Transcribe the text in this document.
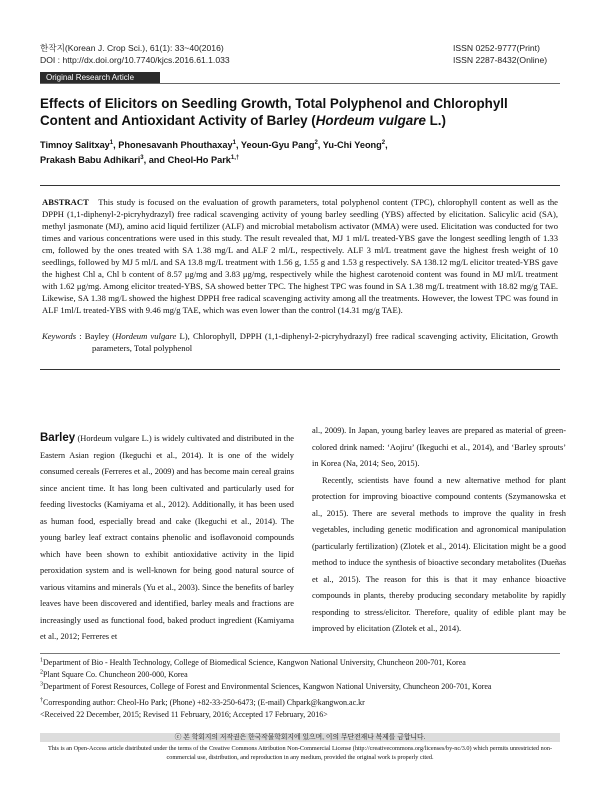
한작지(Korean J. Crop Sci.), 61(1): 33~40(2016)
DOI : http://dx.doi.org/10.7740/kjcs.2016.61.1.033
ISSN 0252-9777(Print)
ISSN 2287-8432(Online)
Original Research Article
Effects of Elicitors on Seedling Growth, Total Polyphenol and Chlorophyll Content and Antioxidant Activity of Barley (Hordeum vulgare L.)
Timnoy Salitxay$^1$, Phonesavanh Phouthaxay$^1$, Yeoun-Gyu Pang$^2$, Yu-Chi Yeong$^2$,
Prakash Babu Adhikari$^3$, and Cheol-Ho Park$^{1,\dagger}$

ABSTRACT This study is focused on the evaluation of growth parameters, total polyphenol content (TPC), chlorophyll content as well as the DPPH (1,1-diphenyl-2-picryhydrazyl) free radical scavenging activity of young barley seedling (YBS) affected by elicitation. Salicylic acid (SA), methyl jasmonate (MJ), amino acid liquid fertilizer (ALF) and microbial metabolism activator (MMA) were used. Elicitation was conducted for two times and various concentrations were used in this study. The result revealed that, MJ 1 ml/L treated-YBS gave the longest seedling length of 1.33 cm, followed by the ones treated with SA 1.38 mg/L and ALF 2 ml/L, respectively. ALF 3 ml/L treatment gave the highest fresh weight of 10 seedlings, followed by MJ 5 ml/L and SA 13.8 mg/L treatment with 1.56 g, 1.55 g and 1.53 g respectively. SA 138.12 mg/L elicitor treated-YBS gave the highest Chl a, Chl b content of 8.57 μg/mg and 3.83 μg/mg, respectively while the highest carotenoid content was found in MJ ml/L treatment with 1.62 μg/mg. Among elicitor treated-YBS, SA showed better TPC. The highest TPC was found in SA 1.38 mg/L treatment with 18.82 mg/g TAE. Likewise, SA 1.38 mg/L showed the highest DPPH free radical scavenging activity among all the treatments. However, the lowest TPC was found in ALF 1ml/L treated-YBS with 9.46 mg/g TAE, which was even lower than the control (14.31 mg/g TAE).

Keywords : Bayley (Hordeum vulgare L), Chlorophyll, DPPH (1,1-diphenyl-2-picryhydrazyl) free radical scavenging activity, Elicitation, Growth parameters, Total polyphenol

Barley (Hordeum vulgare L.) is widely cultivated and distributed in the Eastern Asian region (Ikeguchi et al., 2014). It is one of the widely consumed cereals (Ferreres et al., 2009) and has become main cereal grains since ancient time. It has long been cultivated and particularly used for feeding livestocks (Kamiyama et al., 2012). Additionally, it has been used as human food, especially bread and cake (Ikeguchi et al., 2014). The young barley leaf extract contains phenolic and isoflavonoid compounds which have been shown to exhibit antioxidative activity in the lipid peroxidation system and is well-known for being good natural source of various vitamins and minerals (Yu et al., 2003). Since the benefits of barley leaves have been discovered and identified, barley meals and fractions are increasingly used as functional food, baked product ingredient (Kamiyama et al., 2012; Ferreres et

al., 2009). In Japan, young barley leaves are prepared as material of green-colored drink named: ‘Aojiru’ (Ikeguchi et al., 2014), and ‘Barley sprouts’ in Korea (Na, 2014; Seo, 2015).

Recently, scientists have found a new alternative method for plant protection for improving bioactive compound contents (Szymanowska et al., 2015). There are several methods to improve the quality in fresh vegetables, including genetic modification and agronomical manipulation (particularly fertilization) (Zlotek et al., 2014). Elicitation might be a good method to induce the synthesis of bioactive secondary metabolites (Dueñas et al., 2015). The reason for this is that it may enhance bioactive compounds in plants, thereby producing secondary metabolite by rapidly responding to stress/elicitor. Therefore, quality of edible plant may be improved by elicitation (Zlotek et al., 2014).

$^1$Department of Bio - Health Technology, College of Biomedical Science, Kangwon National University, Chuncheon 200-701, Korea
$^2$Plant Square Co. Chuncheon 200-000, Korea
$^3$Department of Forest Resources, College of Forest and Environmental Sciences, Kangwon National University, Chuncheon 200-701, Korea
†Corresponding author: Cheol-Ho Park; (Phone) +82-33-250-6473; (E-mail) Chpark@kangwon.ac.kr
<Received 22 December, 2015; Revised 11 February, 2016; Accepted 17 February, 2016>
ⓒ 본 학회지의 저작권은 한국작물학회지에 있으며, 이의 무단전재나 복제를 금합니다.
This is an Open-Access article distributed under the terms of the Creative Commons Attribution Non-Commercial License (http://creativecommons.org/licenses/by-nc/3.0) which permits unrestricted non-commercial use, distribution, and reproduction in any medium, provided the original work is properly cited.
